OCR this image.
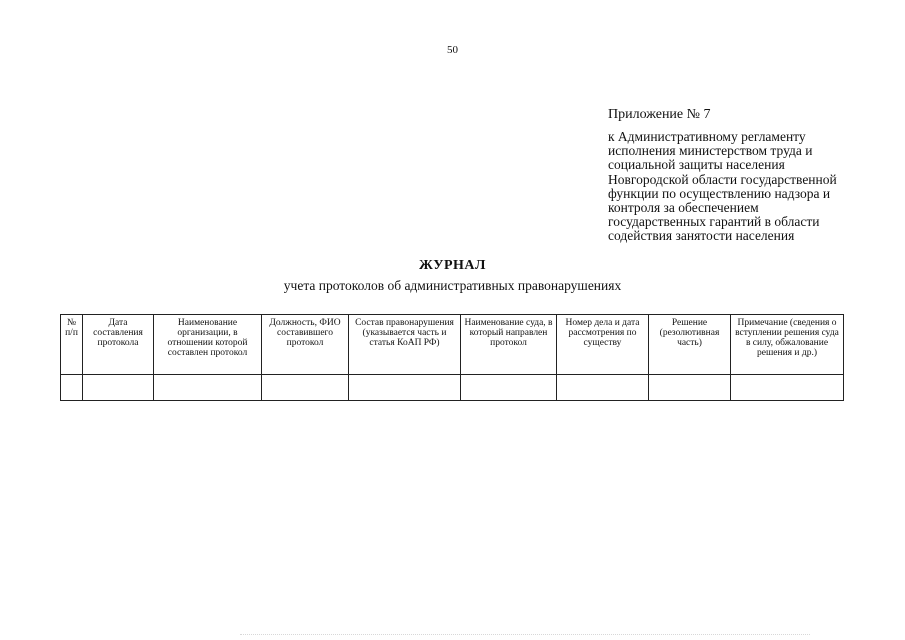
50

Приложение № 7

к Административному регламенту исполнения министерством труда и социальной защиты населения Новгородской области государственной функции по осуществлению надзора и контроля за обеспечением государственных гарантий в области содействия занятости населения

ЖУРНАЛ
учета протоколов об административных правонарушениях
№ п/п	Дата составления протокола	Наименование организации, в отношении которой составлен протокол	Должность, ФИО составившего протокол	Состав правонарушения (указывается часть и статья КоАП РФ)	Наименование суда, в который направлен протокол	Номер дела и дата рассмотрения по существу	Решение (резолютивная часть)	Примечание (сведения о вступлении решения суда в силу, обжалование решения и др.)
